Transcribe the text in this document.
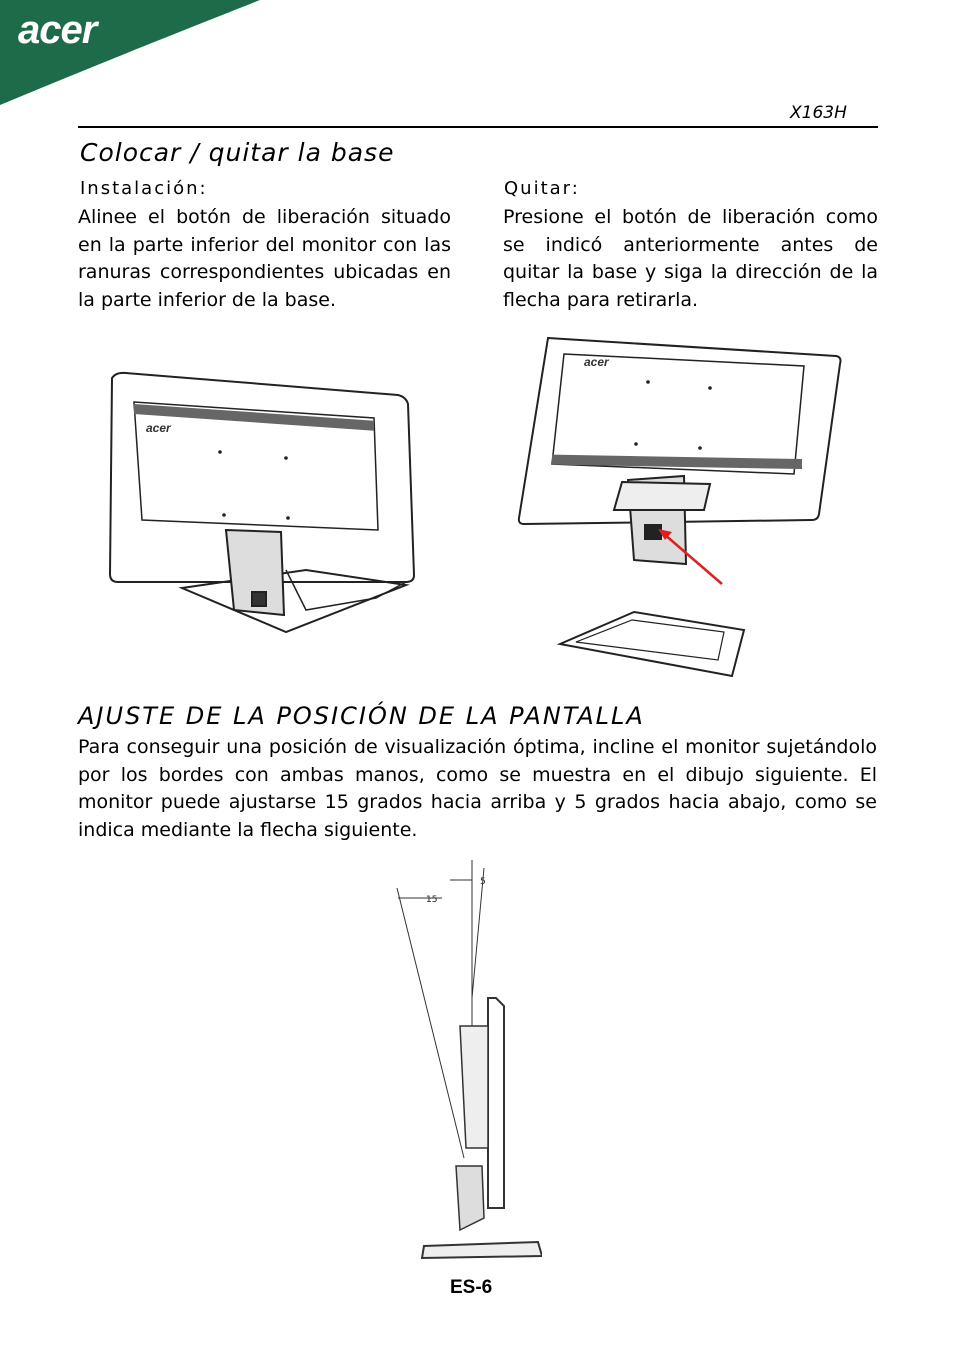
acer
X163H
Colocar / quitar la base
Instalación:
Alinee el botón de liberación situado en la parte inferior del monitor con las ranuras correspondientes ubicadas en la parte inferior de la base.
Quitar:
Presione el botón de liberación como se indicó anteriormente antes de quitar la base y siga la dirección de la flecha para retirarla.
acer
acer
AJUSTE DE LA POSICIÓN DE LA PANTALLA
Para conseguir una posición de visualización óptima, incline el monitor sujetándolo por los bordes con ambas manos, como se muestra en el dibujo siguiente. El monitor puede ajustarse 15 grados hacia arriba y 5 grados hacia abajo, como se indica mediante la flecha siguiente.
5
15
ES-6
